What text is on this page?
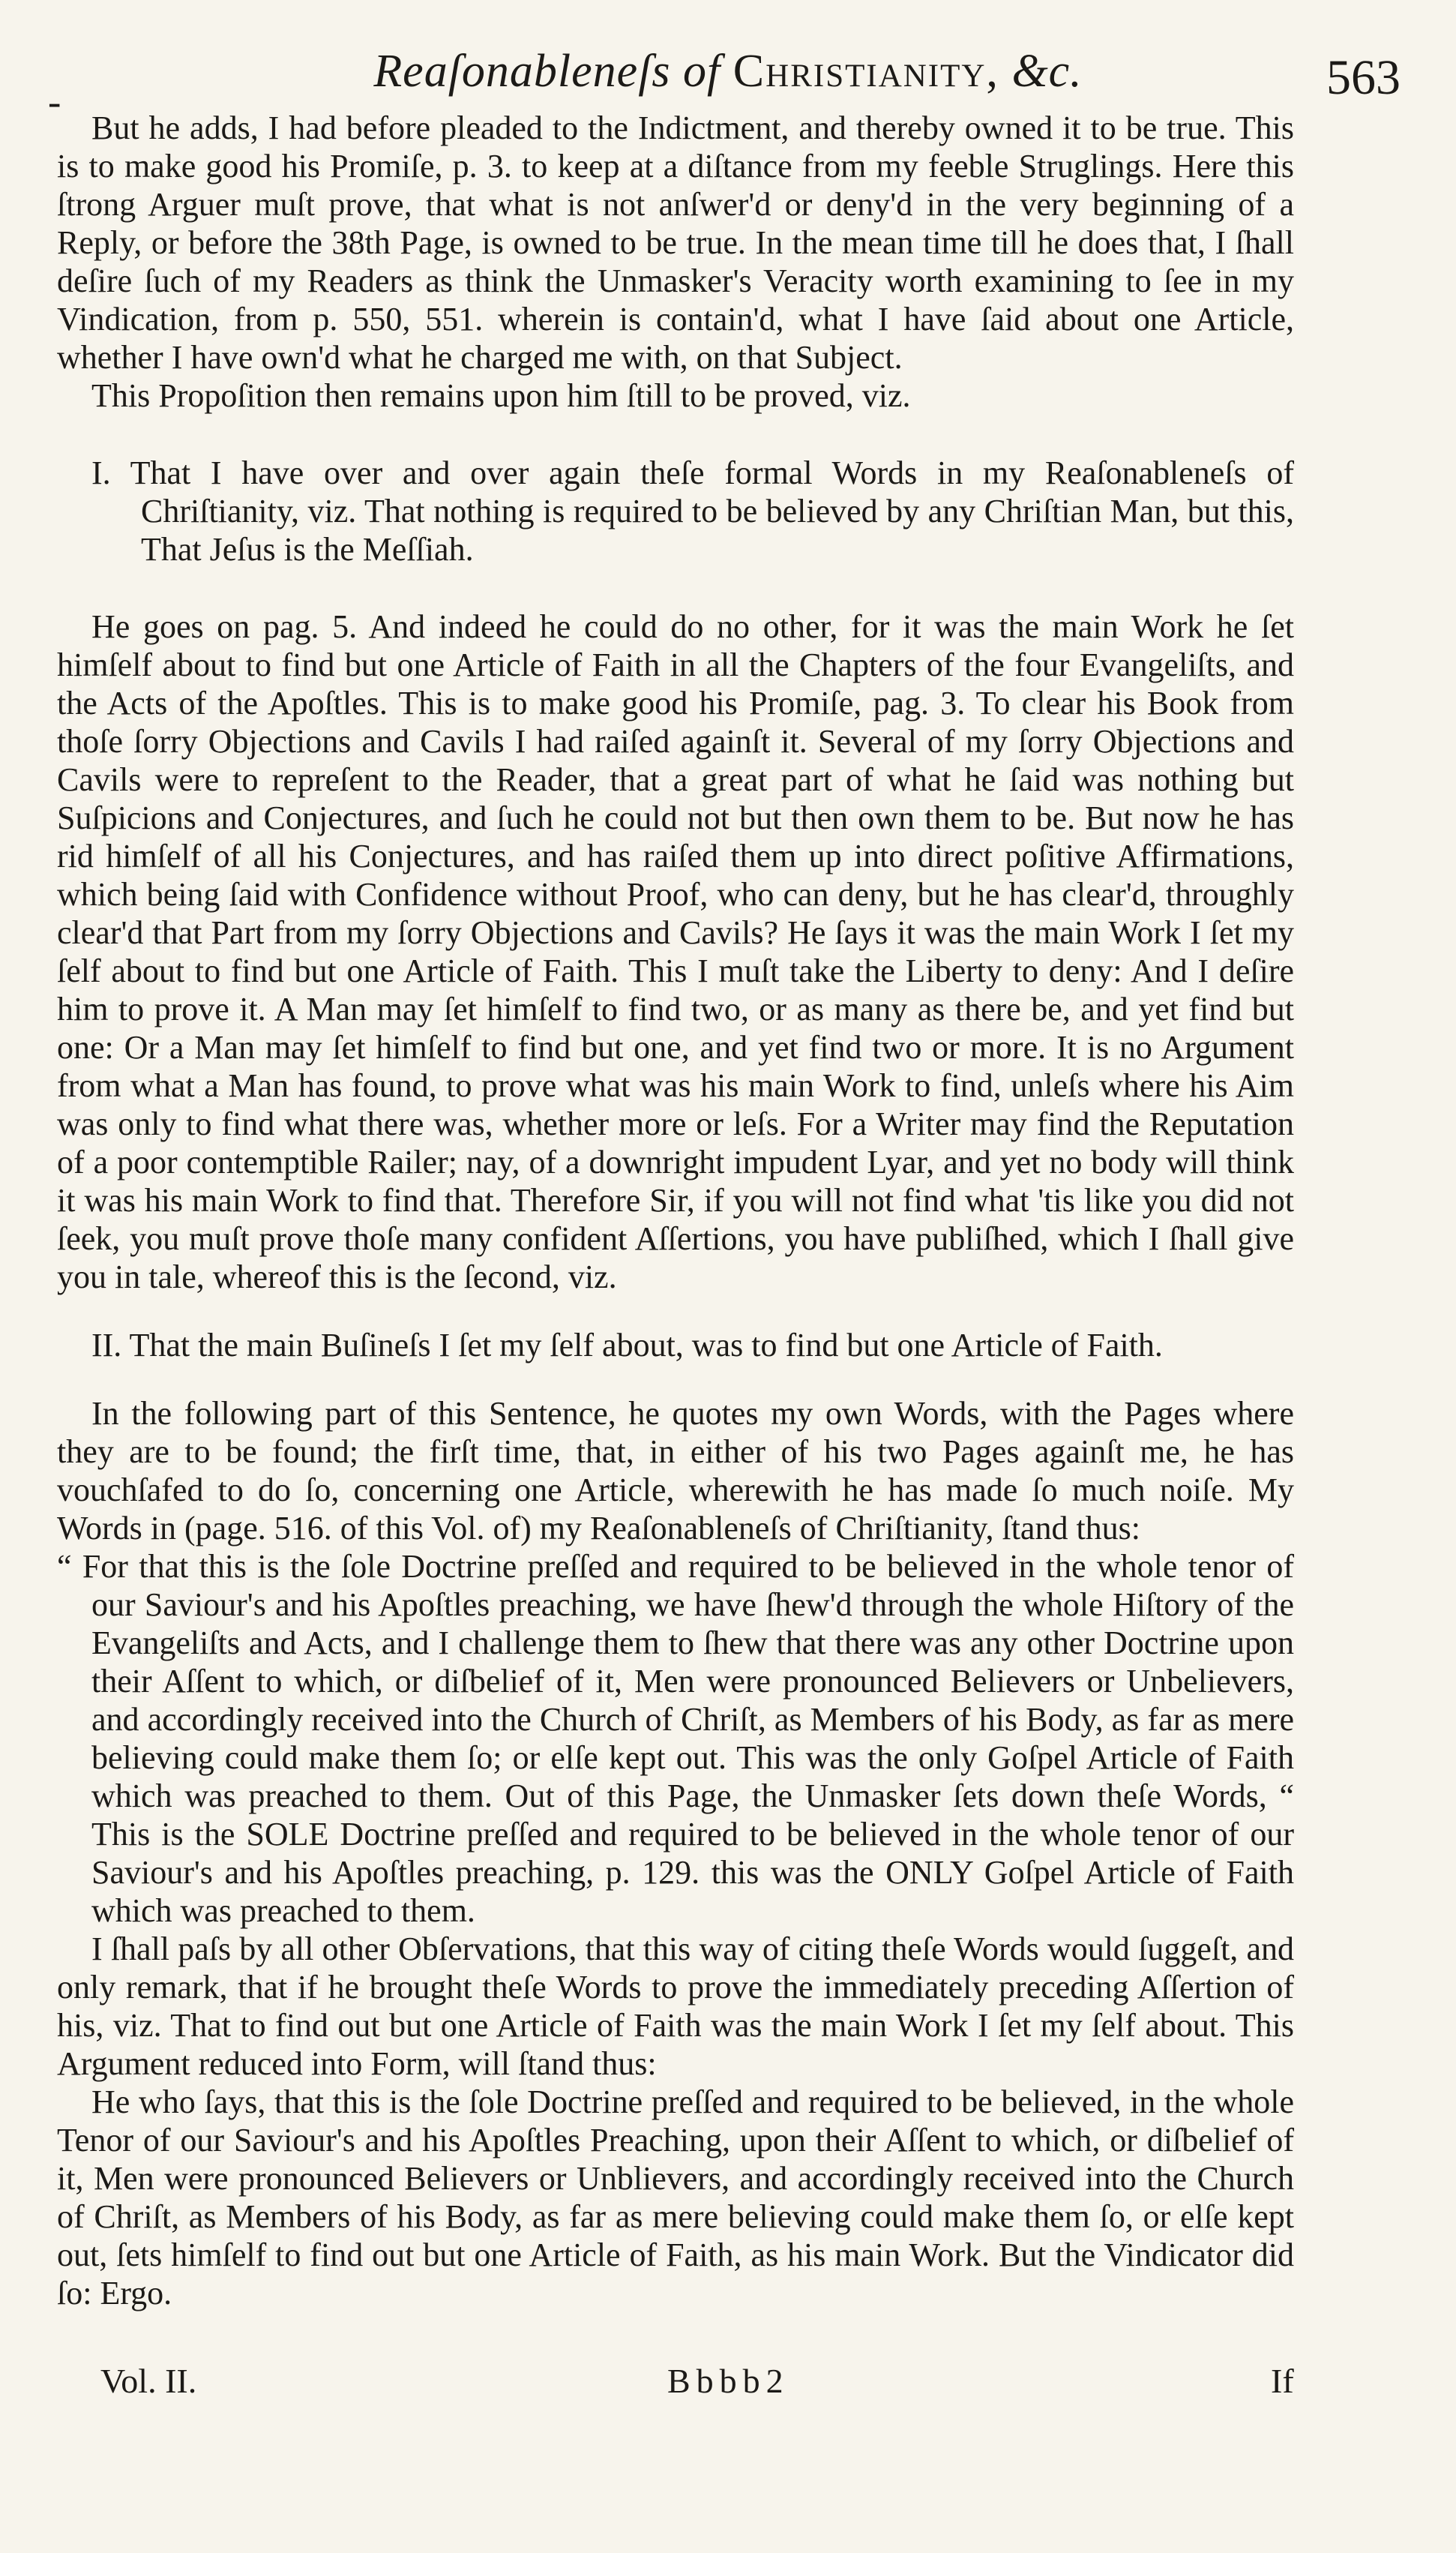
-
Reaſonableneſs of Christianity, &c.	563

But he adds, I had before pleaded to the Indictment, and thereby owned it to be true. This is to make good his Promiſe, p. 3. to keep at a diſtance from my feeble Struglings. Here this ſtrong Arguer muſt prove, that what is not anſwer'd or deny'd in the very beginning of a Reply, or before the 38th Page, is owned to be true. In the mean time till he does that, I ſhall deſire ſuch of my Readers as think the Unmasker's Veracity worth examining to ſee in my Vindication, from p. 550, 551. wherein is contain'd, what I have ſaid about one Article, whether I have own'd what he charged me with, on that Subject.

This Propoſition then remains upon him ſtill to be proved, viz.

I. That I have over and over again theſe formal Words in my Reaſonableneſs of Chriſtianity, viz. That nothing is required to be believed by any Chriſtian Man, but this, That Jeſus is the Meſſiah.

He goes on pag. 5. And indeed he could do no other, for it was the main Work he ſet himſelf about to find but one Article of Faith in all the Chapters of the four Evangeliſts, and the Acts of the Apoſtles. This is to make good his Promiſe, pag. 3. To clear his Book from thoſe ſorry Objections and Cavils I had raiſed againſt it. Several of my ſorry Objections and Cavils were to repreſent to the Reader, that a great part of what he ſaid was nothing but Suſpicions and Conjectures, and ſuch he could not but then own them to be. But now he has rid himſelf of all his Conjectures, and has raiſed them up into direct poſitive Affirmations, which being ſaid with Confidence without Proof, who can deny, but he has clear'd, throughly clear'd that Part from my ſorry Objections and Cavils? He ſays it was the main Work I ſet my ſelf about to find but one Article of Faith. This I muſt take the Liberty to deny: And I deſire him to prove it. A Man may ſet himſelf to find two, or as many as there be, and yet find but one: Or a Man may ſet himſelf to find but one, and yet find two or more. It is no Argument from what a Man has found, to prove what was his main Work to find, unleſs where his Aim was only to find what there was, whether more or leſs. For a Writer may find the Reputation of a poor contemptible Railer; nay, of a downright impudent Lyar, and yet no body will think it was his main Work to find that. Therefore Sir, if you will not find what 'tis like you did not ſeek, you muſt prove thoſe many confident Aſſertions, you have publiſhed, which I ſhall give you in tale, whereof this is the ſecond, viz.

II. That the main Buſineſs I ſet my ſelf about, was to find but one Article of Faith.

In the following part of this Sentence, he quotes my own Words, with the Pages where they are to be found; the firſt time, that, in either of his two Pages againſt me, he has vouchſafed to do ſo, concerning one Article, wherewith he has made ſo much noiſe. My Words in (page. 516. of this Vol. of) my Reaſonableneſs of Chriſtianity, ſtand thus:

“ For that this is the ſole Doctrine preſſed and required to be believed in the whole tenor of our Saviour's and his Apoſtles preaching, we have ſhew'd through the whole Hiſtory of the Evangeliſts and Acts, and I challenge them to ſhew that there was any other Doctrine upon their Aſſent to which, or diſbelief of it, Men were pronounced Believers or Unbelievers, and accordingly received into the Church of Chriſt, as Members of his Body, as far as mere believing could make them ſo; or elſe kept out. This was the only Goſpel Article of Faith which was preached to them. Out of this Page, the Unmasker ſets down theſe Words, “ This is the SOLE Doctrine preſſed and required to be believed in the whole tenor of our Saviour's and his Apoſtles preaching, p. 129. this was the ONLY Goſpel Article of Faith which was preached to them.

I ſhall paſs by all other Obſervations, that this way of citing theſe Words would ſuggeſt, and only remark, that if he brought theſe Words to prove the immediately preceding Aſſertion of his, viz. That to find out but one Article of Faith was the main Work I ſet my ſelf about. This Argument reduced into Form, will ſtand thus:

He who ſays, that this is the ſole Doctrine preſſed and required to be believed, in the whole Tenor of our Saviour's and his Apoſtles Preaching, upon their Aſſent to which, or diſbelief of it, Men were pronounced Believers or Unblievers, and accordingly received into the Church of Chriſt, as Members of his Body, as far as mere believing could make them ſo, or elſe kept out, ſets himſelf to find out but one Article of Faith, as his main Work. But the Vindicator did ſo: Ergo.

Vol. II.	Bbbb2	If
